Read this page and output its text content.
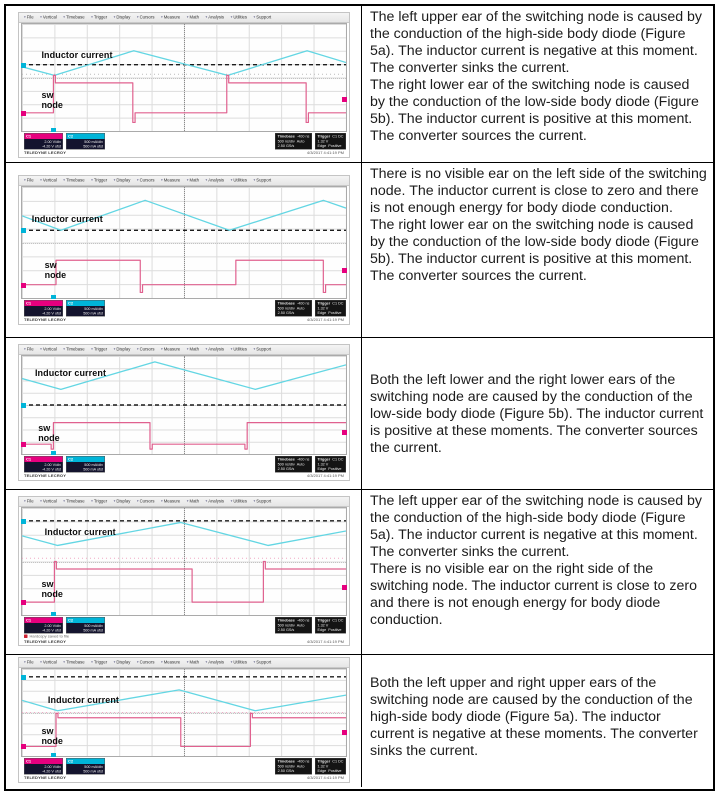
▾ File ▾ Vertical ▾ Timebase ▾ Trigger ▾ Display ▾ Cursors ▾ Measure ▾ Math ▾ Analysis ▾ Utilities ▾ Support
Inductor current
sw
node
C1
2.00 V/div
-4.20 V ofst
C2
500 mA/div
500 mA ofst
Timebase -400 ns
500 ns/div Auto
2.50 GS/s
Trigger C1 DC
1.32 V
Edge Positive
TELEDYNE LECROY	4/3/2017 4:41:19 PM
The left upper ear of the switching node is caused by the conduction of the high-side body diode (Figure 5a). The inductor current is negative at this moment. The converter sinks the current.
The right lower ear of the switching node is caused by the conduction of the low-side body diode (Figure 5b). The inductor current is positive at this moment. The converter sources the current.
▾ File ▾ Vertical ▾ Timebase ▾ Trigger ▾ Display ▾ Cursors ▾ Measure ▾ Math ▾ Analysis ▾ Utilities ▾ Support
Inductor current
sw
node
C1
2.00 V/div
-4.20 V ofst
C2
500 mA/div
500 mA ofst
Timebase -400 ns
500 ns/div Auto
2.50 GS/s
Trigger C1 DC
1.32 V
Edge Positive
TELEDYNE LECROY	4/3/2017 4:41:19 PM
There is no visible ear on the left side of the switching node. The inductor current is close to zero and there is not enough energy for body diode conduction.
The right lower ear on the switching node is caused by the conduction of the low-side body diode (Figure 5b). The inductor current is positive at this moment. The converter sources the current.
▾ File ▾ Vertical ▾ Timebase ▾ Trigger ▾ Display ▾ Cursors ▾ Measure ▾ Math ▾ Analysis ▾ Utilities ▾ Support
Inductor current
sw
node
C1
2.00 V/div
-4.20 V ofst
C2
500 mA/div
500 mA ofst
Timebase -400 ns
500 ns/div Auto
2.50 GS/s
Trigger C1 DC
1.32 V
Edge Positive
TELEDYNE LECROY	4/3/2017 4:41:19 PM
Both the left lower and the right lower ears of the switching node are caused by the conduction of the low-side body diode (Figure 5b). The inductor current is positive at these moments. The converter sources the current.
▾ File ▾ Vertical ▾ Timebase ▾ Trigger ▾ Display ▾ Cursors ▾ Measure ▾ Math ▾ Analysis ▾ Utilities ▾ Support
Inductor current
sw
node
C1
2.00 V/div
-4.20 V ofst
C2
500 mA/div
500 mA ofst
Timebase -400 ns
500 ns/div Auto
2.50 GS/s
Trigger C1 DC
1.32 V
Edge Positive
Hardcopy saved to file
TELEDYNE LECROY	4/3/2017 4:41:19 PM
The left upper ear of the switching node is caused by the conduction of the high-side body diode (Figure 5a). The inductor current is negative at this moment. The converter sinks the current.
There is no visible ear on the right side of the switching node. The inductor current is close to zero and there is not enough energy for body diode conduction.
▾ File ▾ Vertical ▾ Timebase ▾ Trigger ▾ Display ▾ Cursors ▾ Measure ▾ Math ▾ Analysis ▾ Utilities ▾ Support
Inductor current
sw
node
C1
2.00 V/div
-4.20 V ofst
C2
500 mA/div
500 mA ofst
Timebase -400 ns
500 ns/div Auto
2.50 GS/s
Trigger C1 DC
1.32 V
Edge Positive
TELEDYNE LECROY	4/3/2017 4:41:19 PM
Both the left upper and right upper ears of the switching node are caused by the conduction of the high-side body diode (Figure 5a). The inductor current is negative at these moments. The converter sinks the current.
